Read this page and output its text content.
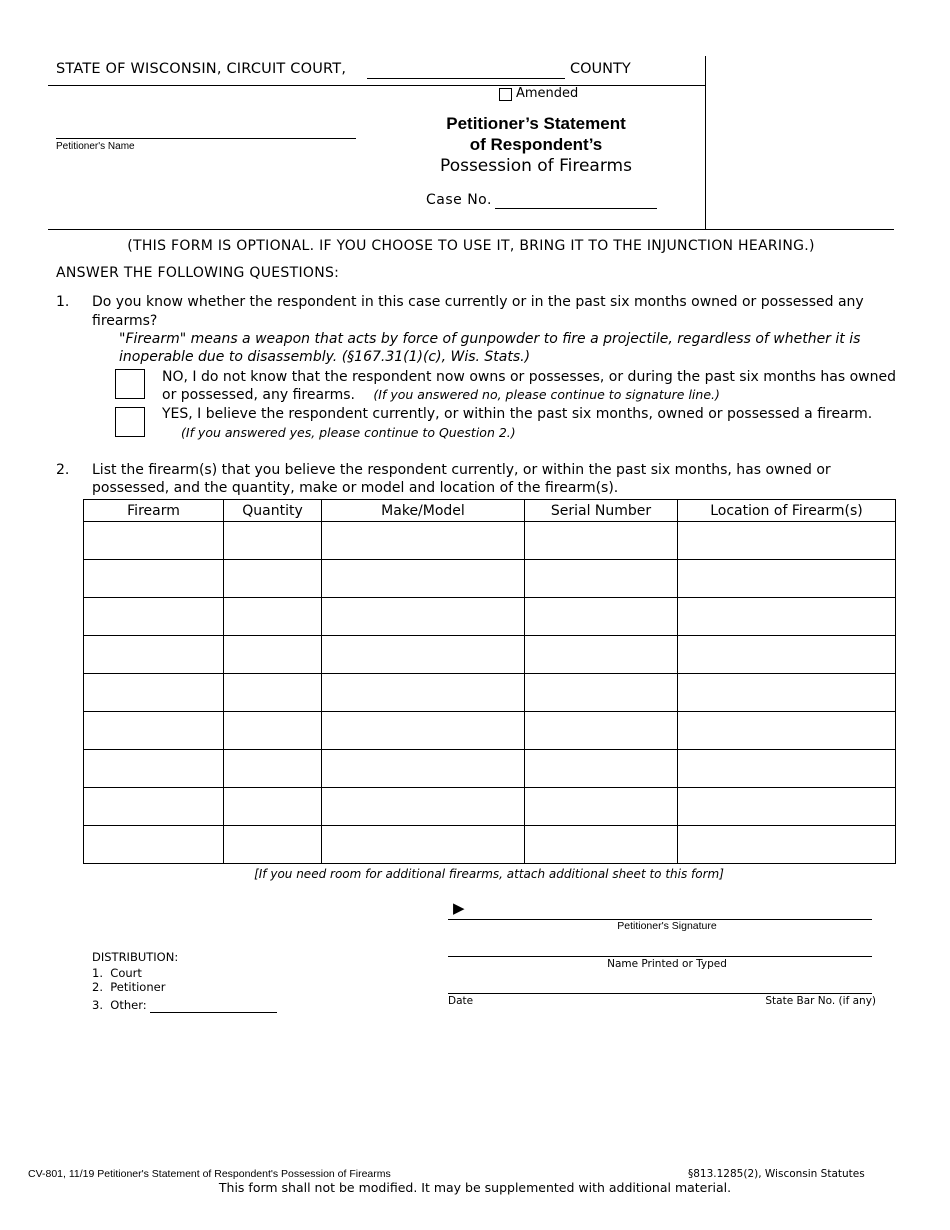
STATE OF WISCONSIN, CIRCUIT COURT,	COUNTY
Amended
Petitioner's Name
Petitioner’s Statement
of Respondent’s
Possession of Firearms
Case No.
(THIS FORM IS OPTIONAL. IF YOU CHOOSE TO USE IT, BRING IT TO THE INJUNCTION HEARING.)
ANSWER THE FOLLOWING QUESTIONS:
1. Do you know whether the respondent in this case currently or in the past six months owned or possessed any
firearms?
"Firearm" means a weapon that acts by force of gunpowder to fire a projectile, regardless of whether it is
inoperable due to disassembly. (§167.31(1)(c), Wis. Stats.)
NO, I do not know that the respondent now owns or possesses, or during the past six months has owned
or possessed, any firearms. (If you answered no, please continue to signature line.)
YES, I believe the respondent currently, or within the past six months, owned or possessed a firearm.
(If you answered yes, please continue to Question 2.)
2. List the firearm(s) that you believe the respondent currently, or within the past six months, has owned or
possessed, and the quantity, make or model and location of the firearm(s).
Firearm	Quantity	Make/Model	Serial Number	Location of Firearm(s)

[If you need room for additional firearms, attach additional sheet to this form]
▶
Petitioner's Signature
Name Printed or Typed
Date	State Bar No. (if any)
DISTRIBUTION:
1.  Court
2.  Petitioner
3.  Other:
CV-801, 11/19 Petitioner's Statement of Respondent's Possession of Firearms	§813.1285(2), Wisconsin Statutes
This form shall not be modified. It may be supplemented with additional material.
